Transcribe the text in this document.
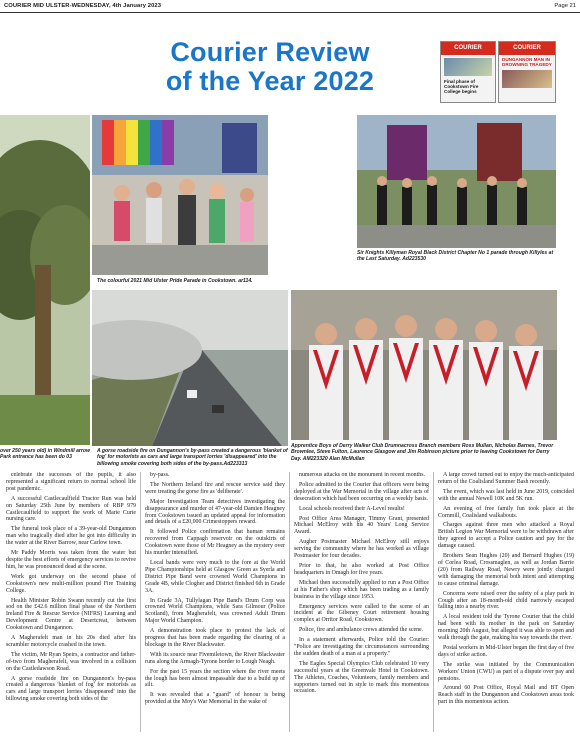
COURIER MID ULSTER-WEDNESDAY, 4th January 2023	Page 21
Courier Review
of the Year 2022
COURIER
Final phase of Cookstown Fire College begins
COURIER
DUNGANNON MAN IN DROWNING TRAGEDY
The colourful 2021 Mid Ulster Pride Parade in Cookstown. ar114.
Sir Knights Killyman Royal Black District Chapter No 1 parade through Killyles at the Last Saturday. Ad223530
over 250 years old) in Windmill arrow Park entrance has been do 03
A gorse roadside fire on Dungannon's by-pass created a dangerous 'blanket of fog' for motorists as cars and large transport lorries 'disappeared' into the billowing smoke covering both sides of the by-pass.Ad223313
Apprentice Boys of Derry Walker Club Drumnacross Branch members Ross Mullan, Nicholas Barnes, Trevor Brownlee, Steve Fulton, Laurence Glasgow and Jim Robinson picture prior to leaving Cookstown for Derry Day. AM223320 Alan McMullan

celebrate the successes of the pupils, it also represented a significant return to normal school life post pandemic.

A successful Castlecaulfield Tractor Run was held on Saturday 25th June by members of RBP 979 Castlecaulfield to support the work of Marie Curie nursing care.

The funeral took place of a 39-year-old Dungannon man who tragically died after he got into difficulty in the water at the River Barrow, near Carlow town.

Mr Paddy Morris was taken from the water but despite the best efforts of emergency services to revive him, he was pronounced dead at the scene.

Work got underway on the second phase of Cookstown's new multi-million pound Fire Training College.

Health Minister Robin Swann recently cut the first sod on the £42.6 million final phase of the Northern Ireland Fire & Rescue Service (NIFRS) Learning and Development Centre at Desertcreat, between Cookstown and Dungannon.

A Magherafelt man in his 20s died after his scrambler motorcycle crashed in the town.

The victim, Mr Ryan Speirs, a contractor and father-of-two from Magherafelt, was involved in a collision on the Castledawson Road.

A gorse roadside fire on Dungannon's by-pass created a dangerous 'blanket of fog' for motorists as cars and large transport lorries 'disappeared' into the billowing smoke covering both sides of the

by-pass.

The Northern Ireland fire and rescue service said they were treating the gorse fire as 'deliberate'.

Major Investigation Team detectives investigating the disappearance and murder of 47-year-old Damien Heagney from Cookstown issued an updated appeal for information and details of a £20,000 Crimestoppers reward.

It followed Police confirmation that human remains recovered from Cappagh reservoir on the outskirts of Cookstown were those of Mr Heagney as the mystery over his murder intensified.

Local bands were very much to the fore at the World Pipe Championships held at Glasgow Green as Syerla and District Pipe Band were crowned World Champions in Grade 4B, while Clogher and District finished 6th in Grade 3A.

In Grade 3A, Tullylagan Pipe Band's Drum Corp was crowned World Champions, while Sara Gilmour (Police Scotland), from Magherafelt, was crowned Adult Drum Major World Champion.

A demonstration took place to protest the lack of progress that has been made regarding the clearing of a blockage in the River Blackwater.

With its source near Fivemiletown, the River Blackwater runs along the Armagh-Tyrone border to Lough Neagh.

For the past 15 years the section where the river meets the lough has been almost impassable due to a build up of silt.

It was revealed that a "guard" of honour is being provided at the Moy's War Memorial in the wake of

numerous attacks on the monument in recent months.

Police admitted to the Courier that officers were being deployed at the War Memorial in the village after acts of desecration which had been occurring on a weekly basis.

Local schools received their A-Level results!

Post Office Area Manager, Timmy Grant, presented Michael McElroy with his 40 Years' Long Service Award.

Augher Postmaster Michael McElroy still enjoys serving the community where he has worked as village Postmaster for four decades.

Prior to that, he also worked at Post Office headquarters in Omagh for five years.

Michael then successfully applied to run a Post Office at his Father's shop which has been trading as a family business in the village since 1953.

Emergency services were called to the scene of an incident at the Gibeney Court retirement housing complex at Orritor Road, Cookstown.

Police, fire and ambulance crews attended the scene.

In a statement afterwards, Police told the Courier: "Police are investigating the circumstances surrounding the sudden death of a man at a property."

The Eagles Special Olympics Club celebrated 10 very successful years at the Greenvale Hotel in Cookstown. The Athletes, Coaches, Volunteers, family members and supporters turned out in style to mark this momentous occasion.

A large crowd turned out to enjoy the much-anticipated return of the Coalisland Summer Bash recently.

The event, which was last held in June 2019, coincided with the annual Newell 10K and 5K run.

An evening of free family fun took place at the Cornmill, Coalisland walkabouts.

Charges against three men who attacked a Royal British Legion War Memorial were to be withdrawn after they agreed to accept a Police caution and pay for the damage caused.

Brothers Sean Hughes (20) and Bernard Hughes (19) of Corlea Road, Crossmaglen, as well as Jordan Barrie (20) from Railway Road, Newry were jointly charged with damaging the memorial both intent and attempting to cause criminal damage.

Concerns were raised over the safety of a play park in Cough after an 18-month-old child narrowly escaped falling into a nearby river.

A local resident told the Tyrone Courier that the child had been with its mother in the park on Saturday morning 20th August, but alleged it was able to open and walk through the gate, making his way towards the river.

Postal workers in Mid-Ulster began the first day of five days of strike action.

The strike was initiated by the Communication Workers' Union (CWU) as part of a dispute over pay and pensions.

Around 60 Post Office, Royal Mail and BT Open Reach staff in the Dungannon and Cookstown areas took part in this momentous action.
